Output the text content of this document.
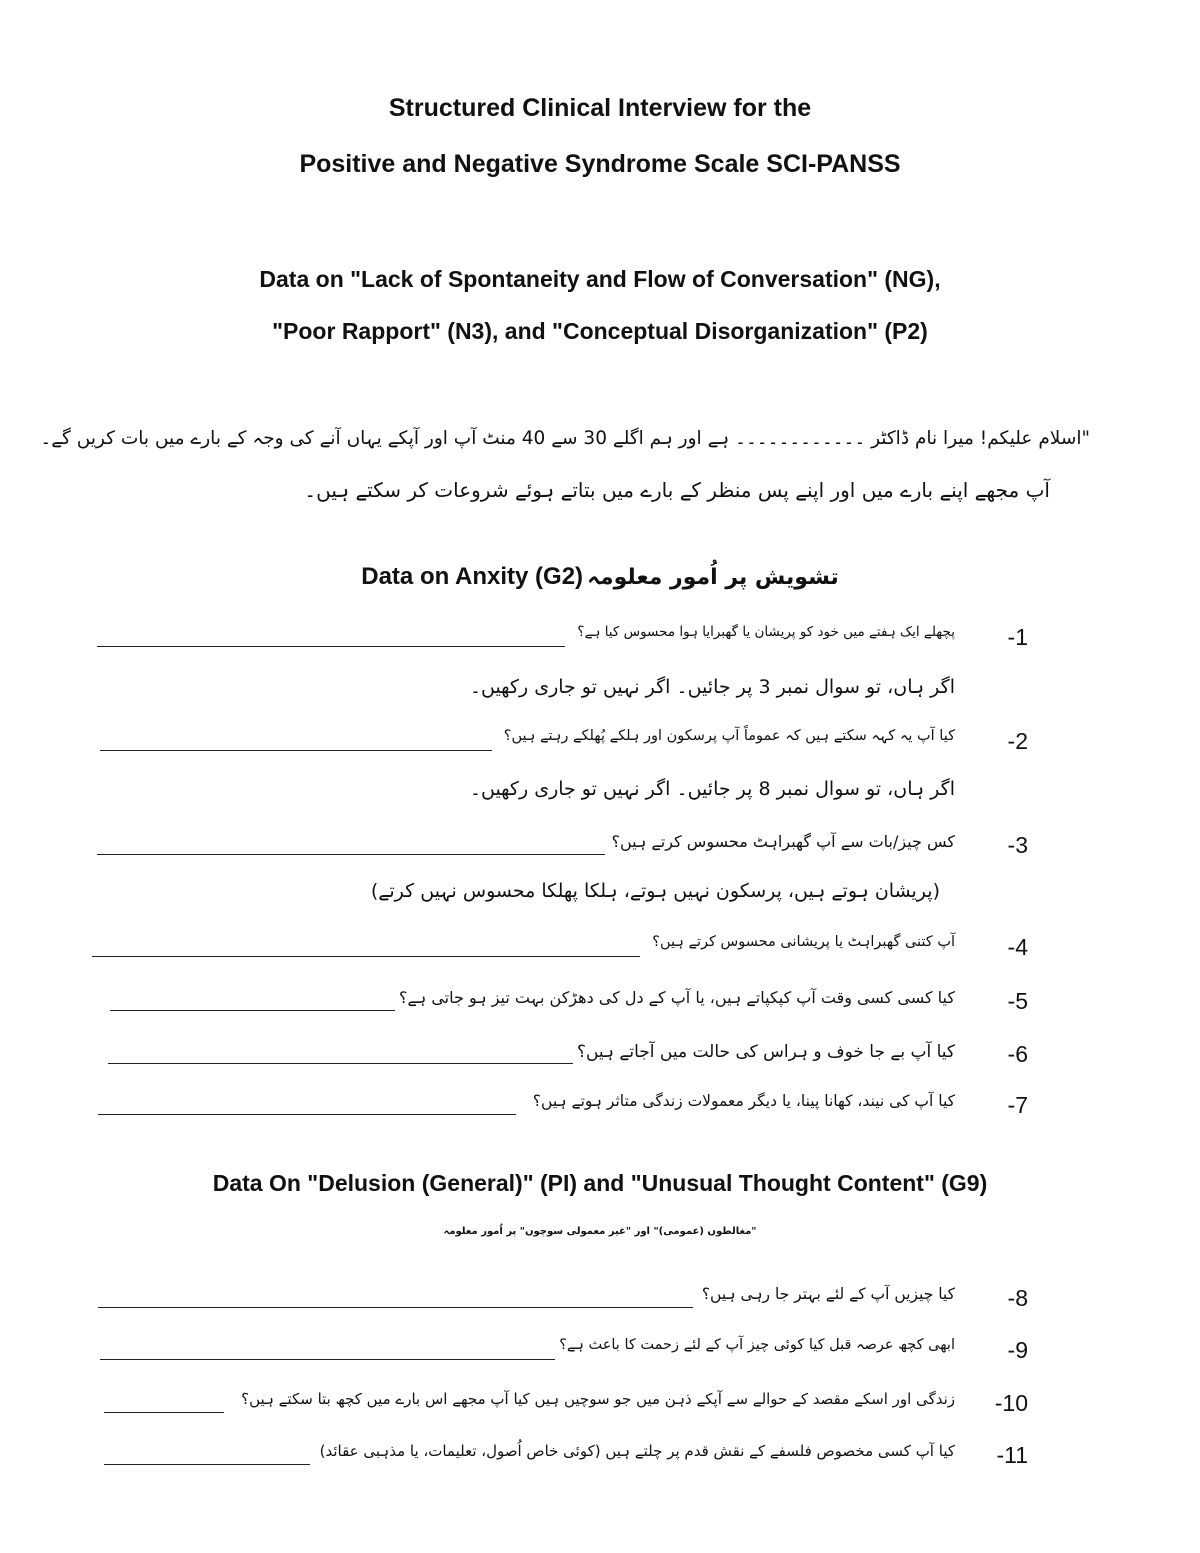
Structured Clinical Interview for the
Positive and Negative Syndrome Scale SCI-PANSS
Data on "Lack of Spontaneity and Flow of Conversation" (NG),
"Poor Rapport" (N3), and "Conceptual Disorganization" (P2)
"اسلام علیکم! میرا نام ڈاکٹر ۔۔۔۔۔۔۔۔۔۔۔۔ ہے اور ہم اگلے 30 سے 40 منٹ آپ اور آپکے یہاں آنے کی وجہ کے بارے میں بات کریں گے۔
آپ مجھے اپنے بارے میں اور اپنے پس منظر کے بارے میں بتاتے ہوئے شروعات کر سکتے ہیں۔
Data on Anxity (G2) تشویش پر اُمور معلومہ
-1
پچھلے ایک ہفتے میں خود کو پریشان یا گھبرایا ہوا محسوس کیا ہے؟
اگر ہاں، تو سوال نمبر 3 پر جائیں۔ اگر نہیں تو جاری رکھیں۔
-2
کیا آپ یہ کہہ سکتے ہیں کہ عموماً آپ پرسکون اور ہلکے پُھلکے رہتے ہیں؟
اگر ہاں، تو سوال نمبر 8 پر جائیں۔ اگر نہیں تو جاری رکھیں۔
-3
کس چیز/بات سے آپ گھبراہٹ محسوس کرتے ہیں؟
(پریشان ہوتے ہیں، پرسکون نہیں ہوتے، ہلکا پھلکا محسوس نہیں کرتے)
-4
آپ کتنی گھبراہٹ یا پریشانی محسوس کرتے ہیں؟
-5
کیا کسی کسی وقت آپ کپکپاتے ہیں، یا آپ کے دل کی دھڑکن بہت تیز ہو جاتی ہے؟
-6
کیا آپ بے جا خوف و ہراس کی حالت میں آجاتے ہیں؟
-7
کیا آپ کی نیند، کھانا پینا، یا دیگر معمولات زندگی متاثر ہوتے ہیں؟
Data On "Delusion (General)" (PI) and "Unusual Thought Content" (G9)
"مغالطوں (عمومی)" اور "غیر معمولی سوچوں" پر اُمور معلومہ
-8
کیا چیزیں آپ کے لئے بہتر جا رہی ہیں؟
-9
ابھی کچھ عرصہ قبل کیا کوئی چیز آپ کے لئے زحمت کا باعث ہے؟
-10
زندگی اور اسکے مقصد کے حوالے سے آپکے ذہن میں جو سوچیں ہیں کیا آپ مجھے اس بارے میں کچھ بتا سکتے ہیں؟
-11
کیا آپ کسی مخصوص فلسفے کے نقش قدم پر چلتے ہیں (کوئی خاص اُصول، تعلیمات، یا مذہبی عقائد)
